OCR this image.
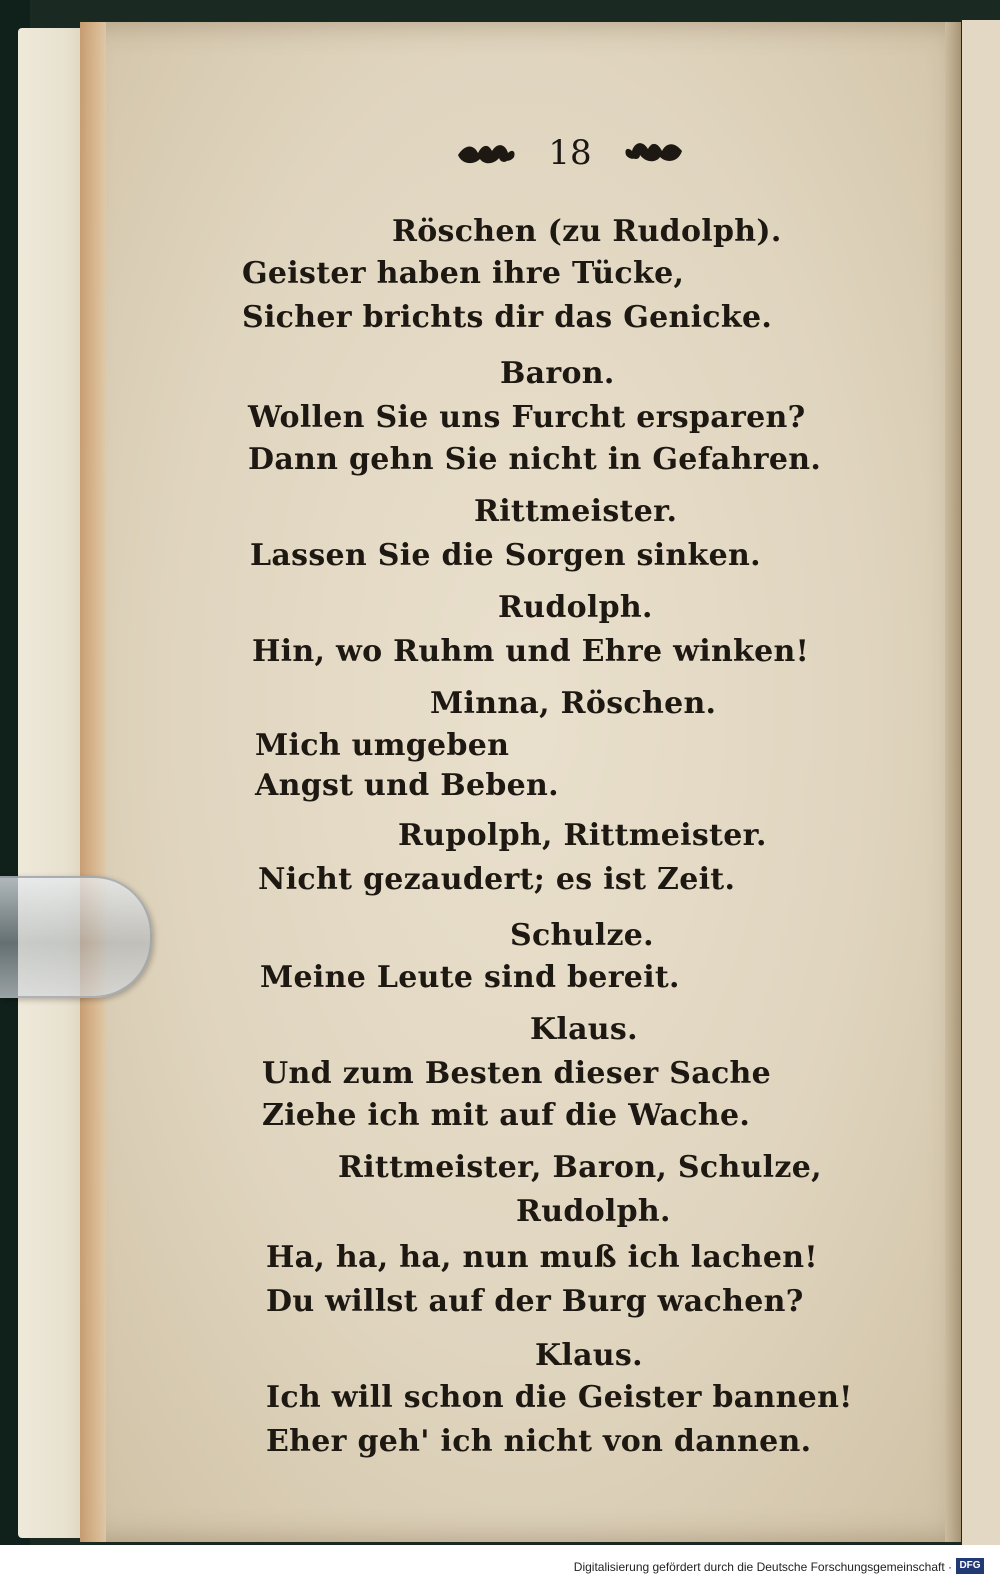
18
Röschen (zu Rudolph).
Geister haben ihre Tücke,
Sicher brichts dir das Genicke.
Baron.
Wollen Sie uns Furcht ersparen?
Dann gehn Sie nicht in Gefahren.
Rittmeister.
Lassen Sie die Sorgen sinken.
Rudolph.
Hin, wo Ruhm und Ehre winken!
Minna, Röschen.
Mich umgeben
Angst und Beben.
Rupolph, Rittmeister.
Nicht gezaudert; es ist Zeit.
Schulze.
Meine Leute sind bereit.
Klaus.
Und zum Besten dieser Sache
Ziehe ich mit auf die Wache.
Rittmeister, Baron, Schulze,
Rudolph.
Ha, ha, ha, nun muß ich lachen!
Du willst auf der Burg wachen?
Klaus.
Ich will schon die Geister bannen!
Eher geh' ich nicht von dannen.
Digitalisierung gefördert durch die Deutsche Forschungsgemeinschaft · DFG
